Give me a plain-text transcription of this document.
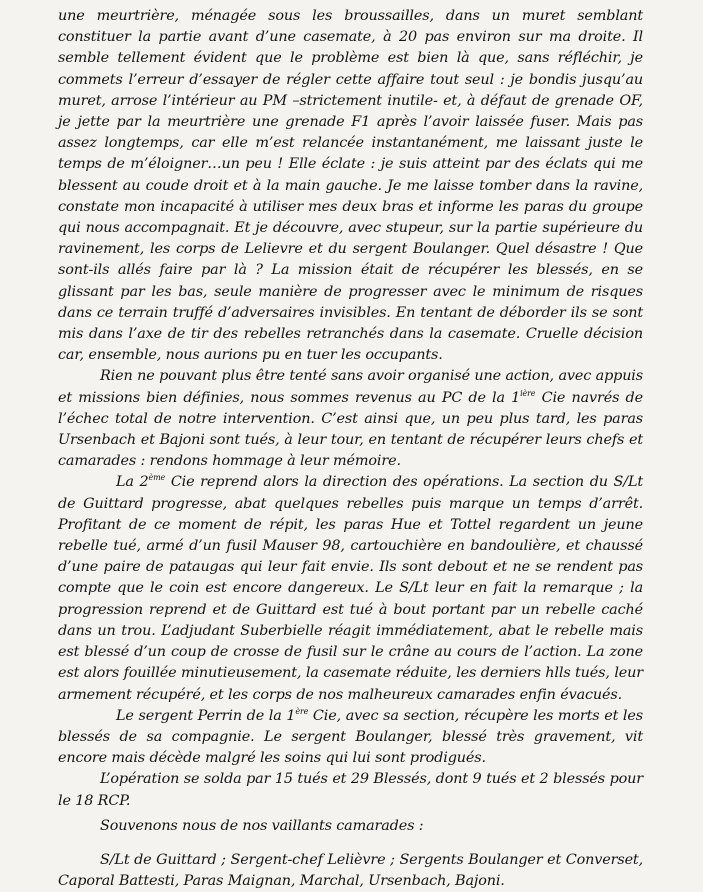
une meurtrière, ménagée sous les broussailles, dans un muret semblant constituer la partie avant d’une casemate, à 20 pas environ sur ma droite. Il semble tellement évident que le problème est bien là que, sans réfléchir, je commets l’erreur d’essayer de régler cette affaire tout seul : je bondis jusqu’au muret, arrose l’intérieur au PM –strictement inutile- et, à défaut de grenade OF, je jette par la meurtrière une grenade F1 après l’avoir laissée fuser. Mais pas assez longtemps, car elle m’est relancée instantanément, me laissant juste le temps de m’éloigner…un peu ! Elle éclate : je suis atteint par des éclats qui me blessent au coude droit et à la main gauche. Je me laisse tomber dans la ravine, constate mon incapacité à utiliser mes deux bras et informe les paras du groupe qui nous accompagnait. Et je découvre, avec stupeur, sur la partie supérieure du ravinement, les corps de Lelievre et du sergent Boulanger. Quel désastre ! Que sont-ils allés faire par là ? La mission était de récupérer les blessés, en se glissant par les bas, seule manière de progresser avec le minimum de risques dans ce terrain truffé d’adversaires invisibles. En tentant de déborder ils se sont mis dans l’axe de tir des rebelles retranchés dans la casemate. Cruelle décision car, ensemble, nous aurions pu en tuer les occupants.

Rien ne pouvant plus être tenté sans avoir organisé une action, avec appuis et missions bien définies, nous sommes revenus au PC de la $1^{ière}$ Cie navrés de l’échec total de notre intervention. C’est ainsi que, un peu plus tard, les paras Ursenbach et Bajoni sont tués, à leur tour, en tentant de récupérer leurs chefs et camarades : rendons hommage à leur mémoire.

La 2ème Cie reprend alors la direction des opérations. La section du S/Lt de Guittard progresse, abat quelques rebelles puis marque un temps d’arrêt. Profitant de ce moment de répit, les paras Hue et Tottel regardent un jeune rebelle tué, armé d’un fusil Mauser 98, cartouchière en bandoulière, et chaussé d’une paire de pataugas qui leur fait envie. Ils sont debout et ne se rendent pas compte que le coin est encore dangereux. Le S/Lt leur en fait la remarque ; la progression reprend et de Guittard est tué à bout portant par un rebelle caché dans un trou. L’adjudant Suberbielle réagit immédiatement, abat le rebelle mais est blessé d’un coup de crosse de fusil sur le crâne au cours de l’action. La zone est alors fouillée minutieusement, la casemate réduite, les derniers hlls tués, leur armement récupéré, et les corps de nos malheureux camarades enfin évacués.

Le sergent Perrin de la 1ère Cie, avec sa section, récupère les morts et les blessés de sa compagnie. Le sergent Boulanger, blessé très gravement, vit encore mais décède malgré les soins qui lui sont prodigués.

L’opération se solda par 15 tués et 29 Blessés, dont 9 tués et 2 blessés pour le 18 RCP.

Souvenons nous de nos vaillants camarades :

S/Lt de Guittard ; Sergent-chef Lelièvre ; Sergents Boulanger et Converset, Caporal Battesti, Paras Maignan, Marchal, Ursenbach, Bajoni.
